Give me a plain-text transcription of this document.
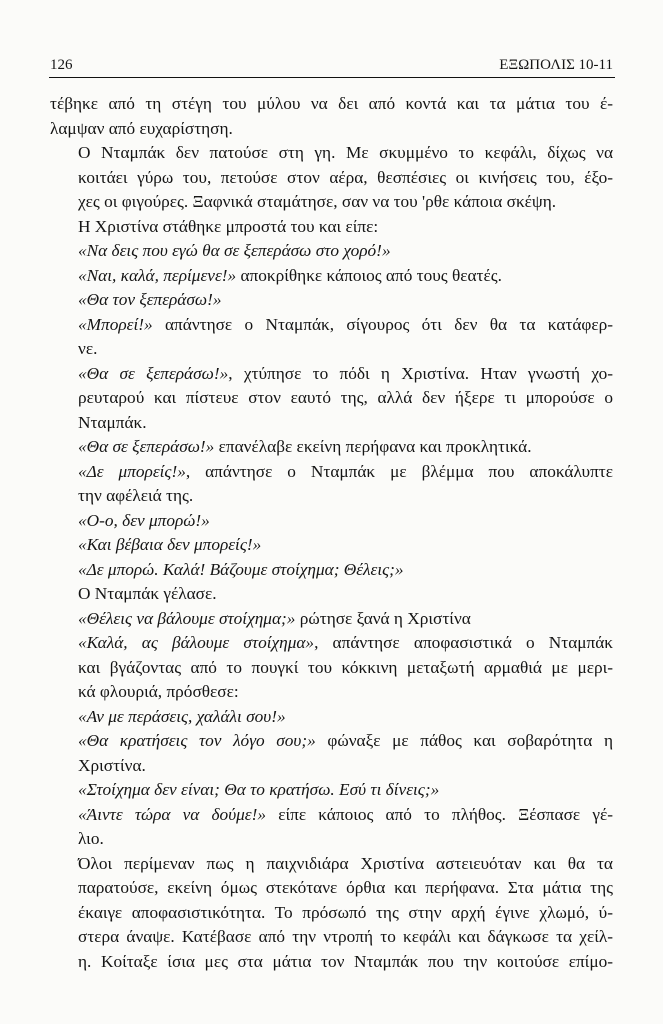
126	ΕΞΩΠΟΛΙΣ 10-11

τέβηκε από τη στέγη του μύλου να δει από κοντά και τα μάτια του έ-
λαμψαν από ευχαρίστηση.

Ο Νταμπάκ δεν πατούσε στη γη. Με σκυμμένο το κεφάλι, δίχως να
κοιτάει γύρω του, πετούσε στον αέρα, θεσπέσιες οι κινήσεις του, έξο-
χες οι φιγούρες. Ξαφνικά σταμάτησε, σαν να του 'ρθε κάποια σκέψη.

Η Χριστίνα στάθηκε μπροστά του και είπε:

«Να δεις που εγώ θα σε ξεπεράσω στο χορό!»

«Ναι, καλά, περίμενε!» αποκρίθηκε κάποιος από τους θεατές.

«Θα τον ξεπεράσω!»

«Μπορεί!» απάντησε ο Νταμπάκ, σίγουρος ότι δεν θα τα κατάφερ-
νε.

«Θα σε ξεπεράσω!», χτύπησε το πόδι η Χριστίνα. Ηταν γνωστή χο-
ρευταρού και πίστευε στον εαυτό της, αλλά δεν ήξερε τι μπορούσε ο
Νταμπάκ.

«Θα σε ξεπεράσω!» επανέλαβε εκείνη περήφανα και προκλητικά.

«Δε μπορείς!», απάντησε ο Νταμπάκ με βλέμμα που αποκάλυπτε
την αφέλειά της.

«Ο-ο, δεν μπορώ!»

«Και βέβαια δεν μπορείς!»

«Δε μπορώ. Καλά! Βάζουμε στοίχημα; Θέλεις;»

Ο Νταμπάκ γέλασε.

«Θέλεις να βάλουμε στοίχημα;» ρώτησε ξανά η Χριστίνα

«Καλά, ας βάλουμε στοίχημα», απάντησε αποφασιστικά ο Νταμπάκ
και βγάζοντας από το πουγκί του κόκκινη μεταξωτή αρμαθιά με μερι-
κά φλουριά, πρόσθεσε:

«Αν με περάσεις, χαλάλι σου!»

«Θα κρατήσεις τον λόγο σου;» φώναξε με πάθος και σοβαρότητα η
Χριστίνα.

«Στοίχημα δεν είναι; Θα το κρατήσω. Εσύ τι δίνεις;»

«Άιντε τώρα να δούμε!» είπε κάποιος από το πλήθος. Ξέσπασε γέ-
λιο.

Όλοι περίμεναν πως η παιχνιδιάρα Χριστίνα αστειευόταν και θα τα
παρατούσε, εκείνη όμως στεκότανε όρθια και περήφανα. Στα μάτια της
έκαιγε αποφασιστικότητα. Το πρόσωπό της στην αρχή έγινε χλωμό, ύ-
στερα άναψε. Κατέβασε από την ντροπή το κεφάλι και δάγκωσε τα χείλ-
η. Κοίταξε ίσια μες στα μάτια τον Νταμπάκ που την κοιτούσε επίμο-
